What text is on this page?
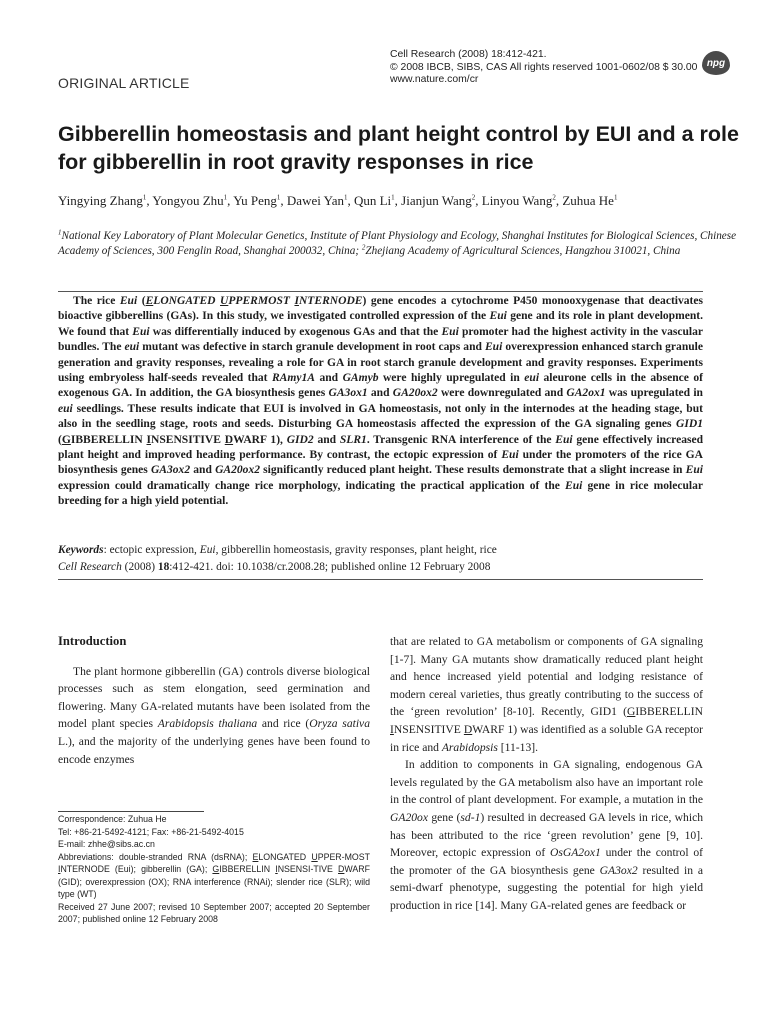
Cell Research (2008) 18:412-421.
© 2008 IBCB, SIBS, CAS All rights reserved 1001-0602/08 $ 30.00
www.nature.com/cr
npg
ORIGINAL ARTICLE
Gibberellin homeostasis and plant height control by EUI and a role for gibberellin in root gravity responses in rice
Yingying Zhang$^1$, Yongyou Zhu$^1$, Yu Peng$^1$, Dawei Yan$^1$, Qun Li$^1$, Jianjun Wang$^2$, Linyou Wang$^2$, Zuhua He$^1$
$^1$National Key Laboratory of Plant Molecular Genetics, Institute of Plant Physiology and Ecology, Shanghai Institutes for Biological Sciences, Chinese Academy of Sciences, 300 Fenglin Road, Shanghai 200032, China; $^2$Zhejiang Academy of Agricultural Sciences, Hangzhou 310021, China
The rice Eui (ELONGATED UPPERMOST INTERNODE) gene encodes a cytochrome P450 monooxygenase that deactivates bioactive gibberellins (GAs). In this study, we investigated controlled expression of the Eui gene and its role in plant development. We found that Eui was differentially induced by exogenous GAs and that the Eui promoter had the highest activity in the vascular bundles. The eui mutant was defective in starch granule development in root caps and Eui overexpression enhanced starch granule generation and gravity responses, revealing a role for GA in root starch granule development and gravity responses. Experiments using embryoless half-seeds revealed that RAmy1A and GAmyb were highly upregulated in eui aleurone cells in the absence of exogenous GA. In addition, the GA biosynthesis genes GA3ox1 and GA20ox2 were downregulated and GA2ox1 was upregulated in eui seedlings. These results indicate that EUI is involved in GA homeostasis, not only in the internodes at the heading stage, but also in the seedling stage, roots and seeds. Disturbing GA homeostasis affected the expression of the GA signaling genes GID1 (GIBBERELLIN INSENSITIVE DWARF 1), GID2 and SLR1. Transgenic RNA interference of the Eui gene effectively increased plant height and improved heading performance. By contrast, the ectopic expression of Eui under the promoters of the rice GA biosynthesis genes GA3ox2 and GA20ox2 significantly reduced plant height. These results demonstrate that a slight increase in Eui expression could dramatically change rice morphology, indicating the practical application of the Eui gene in rice molecular breeding for a high yield potential.
Keywords: ectopic expression, Eui, gibberellin homeostasis, gravity responses, plant height, rice
Cell Research (2008) 18:412-421. doi: 10.1038/cr.2008.28; published online 12 February 2008
Introduction
The plant hormone gibberellin (GA) controls diverse biological processes such as stem elongation, seed germination and flowering. Many GA-related mutants have been isolated from the model plant species Arabidopsis thaliana and rice (Oryza sativa L.), and the majority of the underlying genes have been found to encode enzymes
Correspondence: Zuhua He
Tel: +86-21-5492-4121; Fax: +86-21-5492-4015
E-mail: zhhe@sibs.ac.cn
Abbreviations: double-stranded RNA (dsRNA); ELONGATED UPPER-MOST INTERNODE (Eui); gibberellin (GA); GIBBERELLIN INSENSI-TIVE DWARF (GID); overexpression (OX); RNA interference (RNAi); slender rice (SLR); wild type (WT)
Received 27 June 2007; revised 10 September 2007; accepted 20 September 2007; published online 12 February 2008
that are related to GA metabolism or components of GA signaling [1-7]. Many GA mutants show dramatically reduced plant height and hence increased yield potential and lodging resistance of modern cereal varieties, thus greatly contributing to the success of the ‘green revolution’ [8-10]. Recently, GID1 (GIBBERELLIN INSENSITIVE DWARF 1) was identified as a soluble GA receptor in rice and Arabidopsis [11-13].
In addition to components in GA signaling, endogenous GA levels regulated by the GA metabolism also have an important role in the control of plant development. For example, a mutation in the GA20ox gene (sd-1) resulted in decreased GA levels in rice, which has been attributed to the rice ‘green revolution’ gene [9, 10]. Moreover, ectopic expression of OsGA2ox1 under the control of the promoter of the GA biosynthesis gene GA3ox2 resulted in a semi-dwarf phenotype, suggesting the potential for high yield production in rice [14]. Many GA-related genes are feedback or
